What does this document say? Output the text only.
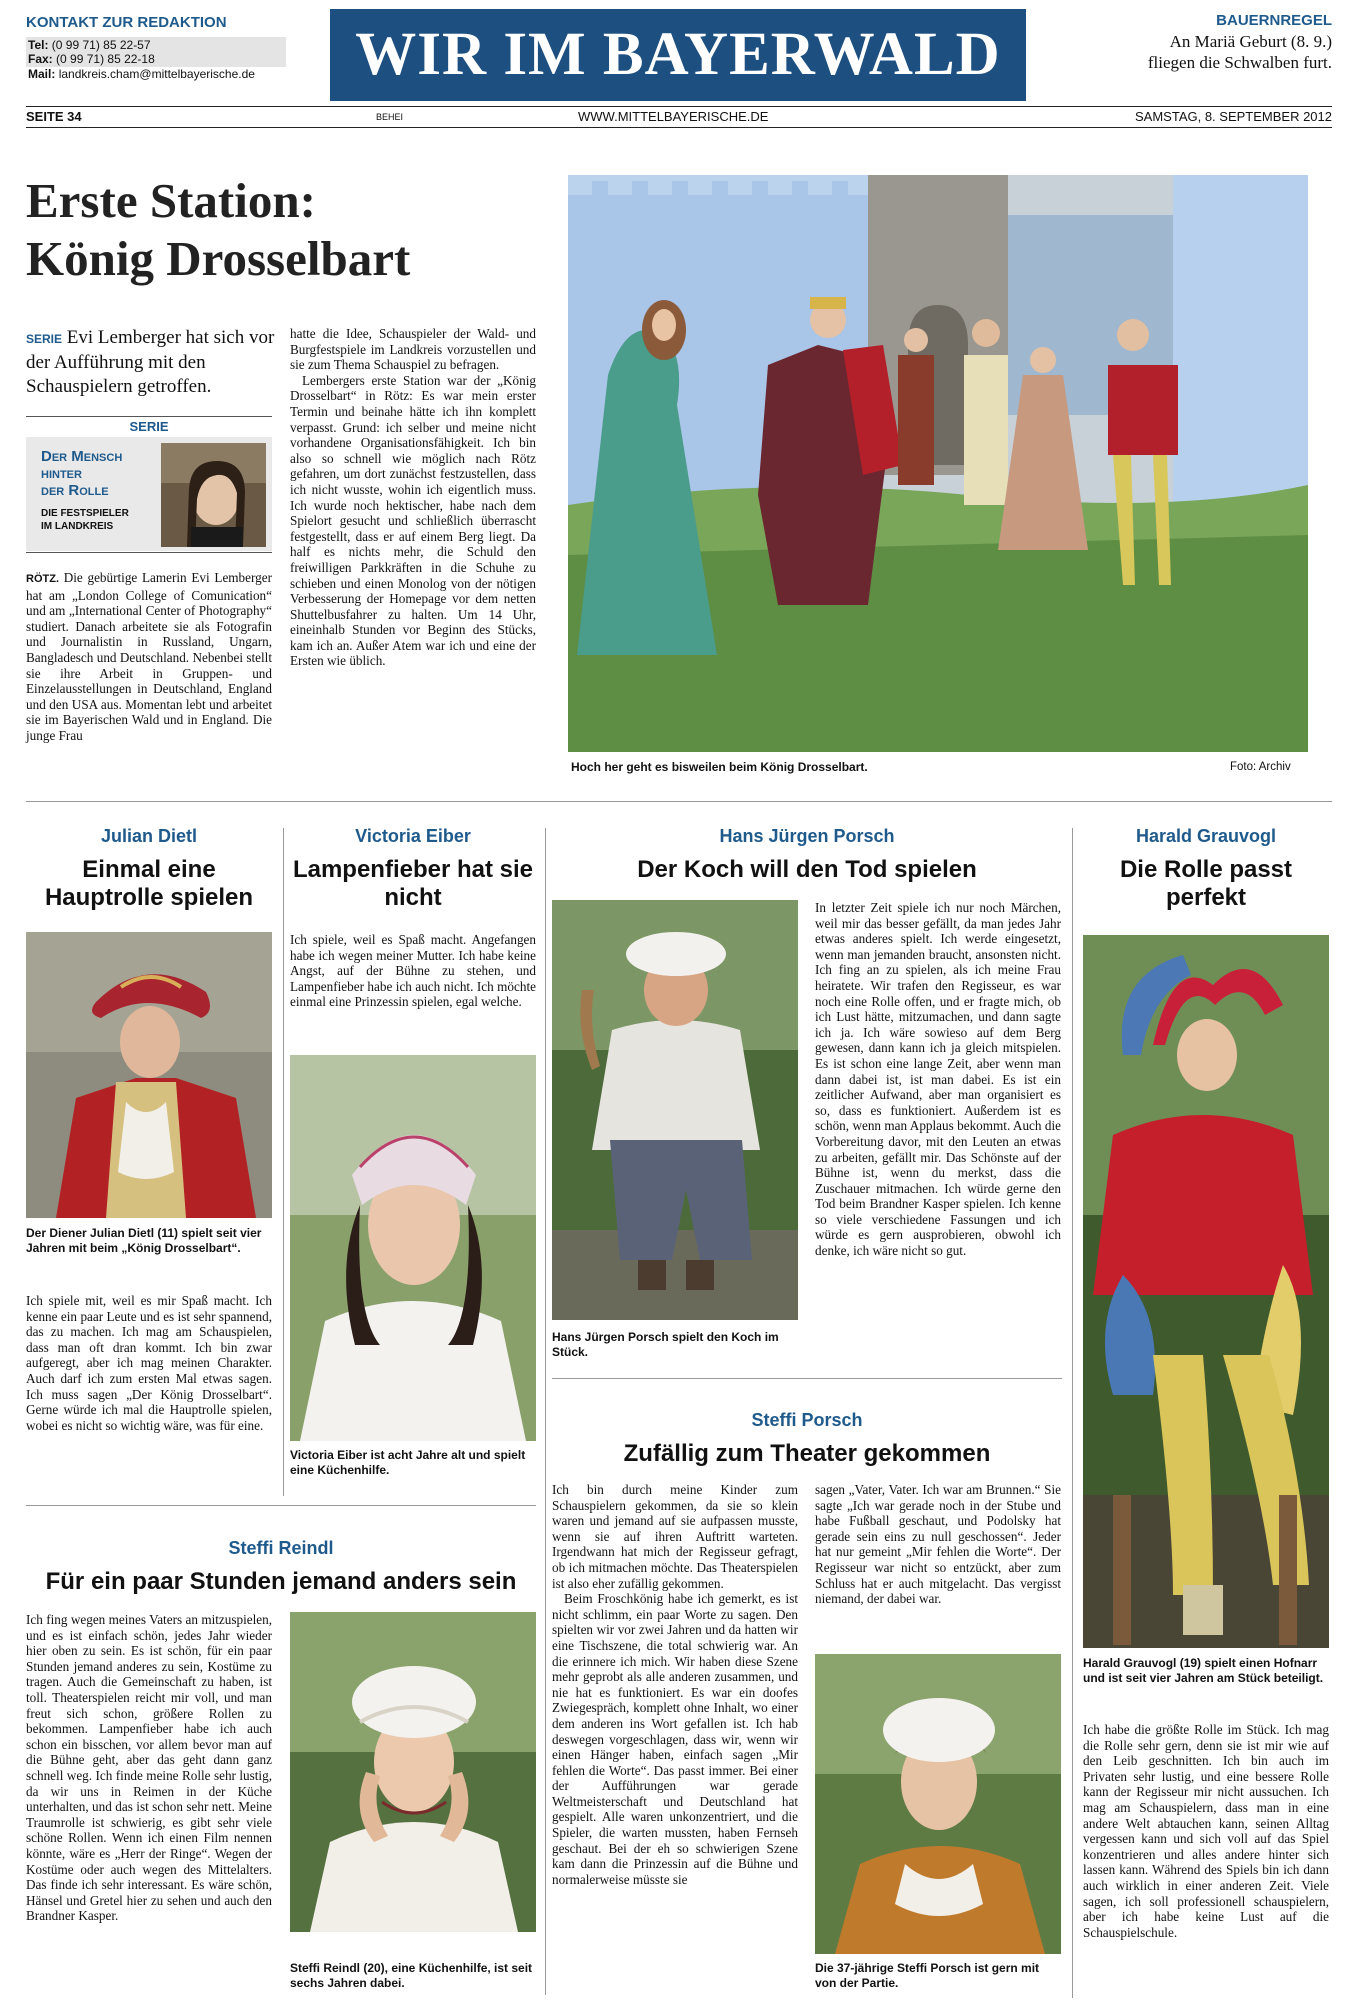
KONTAKT ZUR REDAKTION
Tel: (0 99 71) 85 22-57
Fax: (0 99 71) 85 22-18
Mail: landkreis.cham@mittelbayerische.de	WIR IM BAYERWALD
BAUERNREGEL
An Mariä Geburt (8. 9.)
fliegen die Schwalben furt.
SEITE 34	BEHEI	WWW.MITTELBAYERISCHE.DE	SAMSTAG, 8. SEPTEMBER 2012
Erste Station:
König Drosselbart
SERIE Evi Lemberger hat sich vor der Aufführung mit den Schauspielern getroffen.
SERIE
Der Mensch
hinter
der Rolle
DIE FESTSPIELER
IM LANDKREIS

RÖTZ. Die gebürtige Lamerin Evi Lemberger hat am „London College of Comunication“ und am „International Center of Photography“ studiert. Danach arbeitete sie als Fotografin und Journalistin in Russland, Ungarn, Bangladesch und Deutschland. Nebenbei stellt sie ihre Arbeit in Gruppen- und Einzelausstellungen in Deutschland, England und den USA aus. Momentan lebt und arbeitet sie im Bayerischen Wald und in England. Die junge Frau

hatte die Idee, Schauspieler der Wald- und Burgfestspiele im Landkreis vorzustellen und sie zum Thema Schauspiel zu befragen.

Lembergers erste Station war der „König Drosselbart“ in Rötz: Es war mein erster Termin und beinahe hätte ich ihn komplett verpasst. Grund: ich selber und meine nicht vorhandene Organisationsfähigkeit. Ich bin also so schnell wie möglich nach Rötz gefahren, um dort zunächst festzustellen, dass ich nicht wusste, wohin ich eigentlich muss. Ich wurde noch hektischer, habe nach dem Spielort gesucht und schließlich überrascht festgestellt, dass er auf einem Berg liegt. Da half es nichts mehr, die Schuld den freiwilligen Parkkräften in die Schuhe zu schieben und einen Monolog von der nötigen Verbesserung der Homepage vor dem netten Shuttelbusfahrer zu halten. Um 14 Uhr, eineinhalb Stunden vor Beginn des Stücks, kam ich an. Außer Atem war ich und eine der Ersten wie üblich.

Hoch her geht es bisweilen beim König Drosselbart.	Foto: Archiv
Julian Dietl
Einmal eine Hauptrolle spielen
Der Diener Julian Dietl (11) spielt seit vier Jahren mit beim „König Drosselbart“.

Ich spiele mit, weil es mir Spaß macht. Ich kenne ein paar Leute und es ist sehr spannend, das zu machen. Ich mag am Schauspielen, dass man oft dran kommt. Ich bin zwar aufgeregt, aber ich mag meinen Charakter. Auch darf ich zum ersten Mal etwas sagen. Ich muss sagen „Der König Drosselbart“. Gerne würde ich mal die Hauptrolle spielen, wobei es nicht so wichtig wäre, was für eine.

Victoria Eiber
Lampenfieber hat sie nicht

Ich spiele, weil es Spaß macht. Angefangen habe ich wegen meiner Mutter. Ich habe keine Angst, auf der Bühne zu stehen, und Lampenfieber habe ich auch nicht. Ich möchte einmal eine Prinzessin spielen, egal welche.

Victoria Eiber ist acht Jahre alt und spielt eine Küchenhilfe.
Hans Jürgen Porsch
Der Koch will den Tod spielen
Hans Jürgen Porsch spielt den Koch im Stück.

In letzter Zeit spiele ich nur noch Märchen, weil mir das besser gefällt, da man jedes Jahr etwas anderes spielt. Ich werde eingesetzt, wenn man jemanden braucht, ansonsten nicht. Ich fing an zu spielen, als ich meine Frau heiratete. Wir trafen den Regisseur, es war noch eine Rolle offen, und er fragte mich, ob ich Lust hätte, mitzumachen, und dann sagte ich ja. Ich wäre sowieso auf dem Berg gewesen, dann kann ich ja gleich mitspielen. Es ist schon eine lange Zeit, aber wenn man dann dabei ist, ist man dabei. Es ist ein zeitlicher Aufwand, aber man organisiert es so, dass es funktioniert. Außerdem ist es schön, wenn man Applaus bekommt. Auch die Vorbereitung davor, mit den Leuten an etwas zu arbeiten, gefällt mir. Das Schönste auf der Bühne ist, wenn du merkst, dass die Zuschauer mitmachen. Ich würde gerne den Tod beim Brandner Kasper spielen. Ich kenne so viele verschiedene Fassungen und ich würde es gern ausprobieren, obwohl ich denke, ich wäre nicht so gut.

Steffi Porsch
Zufällig zum Theater gekommen

Ich bin durch meine Kinder zum Schauspielern gekommen, da sie so klein waren und jemand auf sie aufpassen musste, wenn sie auf ihren Auftritt warteten. Irgendwann hat mich der Regisseur gefragt, ob ich mitmachen möchte. Das Theaterspielen ist also eher zufällig gekommen.

Beim Froschkönig habe ich gemerkt, es ist nicht schlimm, ein paar Worte zu sagen. Den spielten wir vor zwei Jahren und da hatten wir eine Tischszene, die total schwierig war. An die erinnere ich mich. Wir haben diese Szene mehr geprobt als alle anderen zusammen, und nie hat es funktioniert. Es war ein doofes Zwiegespräch, komplett ohne Inhalt, wo einer dem anderen ins Wort gefallen ist. Ich hab deswegen vorgeschlagen, dass wir, wenn wir einen Hänger haben, einfach sagen „Mir fehlen die Worte“. Das passt immer. Bei einer der Aufführungen war gerade Weltmeisterschaft und Deutschland hat gespielt. Alle waren unkonzentriert, und die Spieler, die warten mussten, haben Fernseh geschaut. Bei der eh so schwierigen Szene kam dann die Prinzessin auf die Bühne und normalerweise müsste sie

sagen „Vater, Vater. Ich war am Brunnen.“ Sie sagte „Ich war gerade noch in der Stube und habe Fußball geschaut, und Podolsky hat gerade sein eins zu null geschossen“. Jeder hat nur gemeint „Mir fehlen die Worte“. Der Regisseur war nicht so entzückt, aber zum Schluss hat er auch mitgelacht. Das vergisst niemand, der dabei war.

Die 37-jährige Steffi Porsch ist gern mit von der Partie.
Harald Grauvogl
Die Rolle passt perfekt
Harald Grauvogl (19) spielt einen Hofnarr und ist seit vier Jahren am Stück beteiligt.

Ich habe die größte Rolle im Stück. Ich mag die Rolle sehr gern, denn sie ist mir wie auf den Leib geschnitten. Ich bin auch im Privaten sehr lustig, und eine bessere Rolle kann der Regisseur mir nicht aussuchen. Ich mag am Schauspielern, dass man in eine andere Welt abtauchen kann, seinen Alltag vergessen kann und sich voll auf das Spiel konzentrieren und alles andere hinter sich lassen kann. Während des Spiels bin ich dann auch wirklich in einer anderen Zeit. Viele sagen, ich soll professionell schauspielern, aber ich habe keine Lust auf die Schauspielschule.

Steffi Reindl
Für ein paar Stunden jemand anders sein

Ich fing wegen meines Vaters an mitzuspielen, und es ist einfach schön, jedes Jahr wieder hier oben zu sein. Es ist schön, für ein paar Stunden jemand anderes zu sein, Kostüme zu tragen. Auch die Gemeinschaft zu haben, ist toll. Theaterspielen reicht mir voll, und man freut sich schon, größere Rollen zu bekommen. Lampenfieber habe ich auch schon ein bisschen, vor allem bevor man auf die Bühne geht, aber das geht dann ganz schnell weg. Ich finde meine Rolle sehr lustig, da wir uns in Reimen in der Küche unterhalten, und das ist schon sehr nett. Meine Traumrolle ist schwierig, es gibt sehr viele schöne Rollen. Wenn ich einen Film nennen könnte, wäre es „Herr der Ringe“. Wegen der Kostüme oder auch wegen des Mittelalters. Das finde ich sehr interessant. Es wäre schön, Hänsel und Gretel hier zu sehen und auch den Brandner Kasper.

Steffi Reindl (20), eine Küchenhilfe, ist seit sechs Jahren dabei.
